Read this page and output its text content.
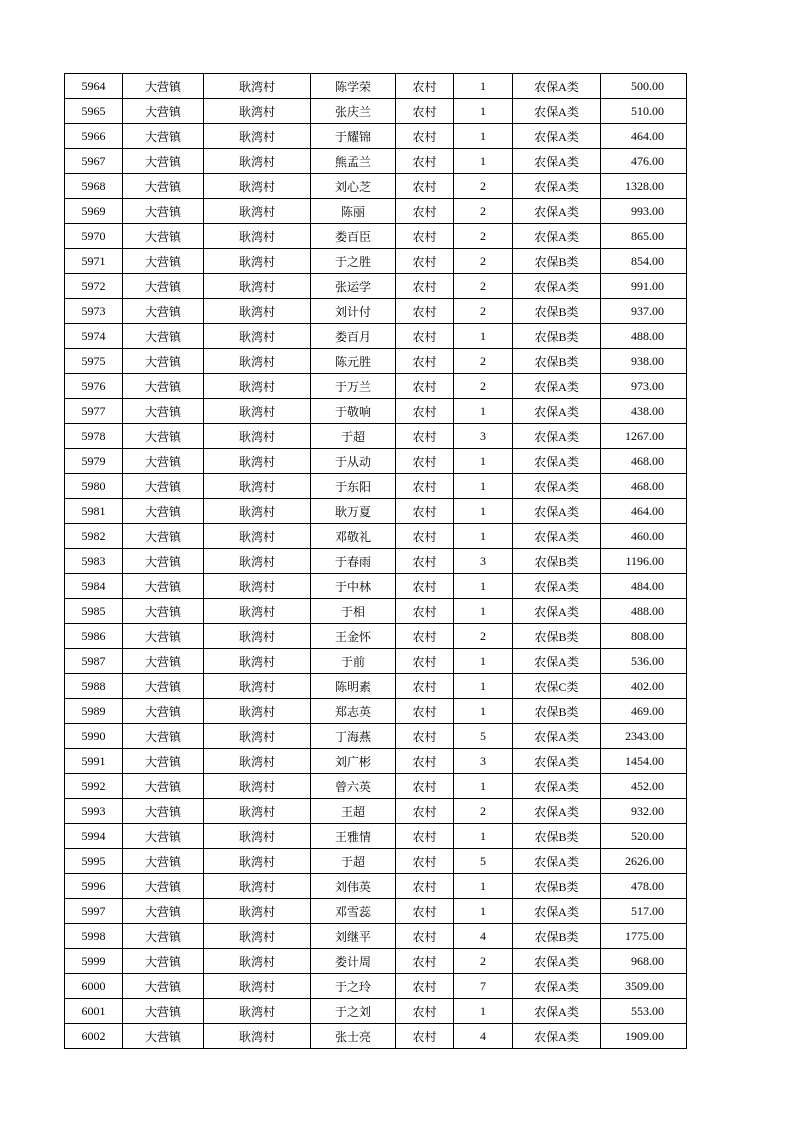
5964	大营镇	耿湾村	陈学荣	农村	1	农保A类	500.00
5965	大营镇	耿湾村	张庆兰	农村	1	农保A类	510.00
5966	大营镇	耿湾村	于耀锦	农村	1	农保A类	464.00
5967	大营镇	耿湾村	熊孟兰	农村	1	农保A类	476.00
5968	大营镇	耿湾村	刘心芝	农村	2	农保A类	1328.00
5969	大营镇	耿湾村	陈丽	农村	2	农保A类	993.00
5970	大营镇	耿湾村	娄百臣	农村	2	农保A类	865.00
5971	大营镇	耿湾村	于之胜	农村	2	农保B类	854.00
5972	大营镇	耿湾村	张运学	农村	2	农保A类	991.00
5973	大营镇	耿湾村	刘计付	农村	2	农保B类	937.00
5974	大营镇	耿湾村	娄百月	农村	1	农保B类	488.00
5975	大营镇	耿湾村	陈元胜	农村	2	农保B类	938.00
5976	大营镇	耿湾村	于万兰	农村	2	农保A类	973.00
5977	大营镇	耿湾村	于敬响	农村	1	农保A类	438.00
5978	大营镇	耿湾村	于超	农村	3	农保A类	1267.00
5979	大营镇	耿湾村	于从动	农村	1	农保A类	468.00
5980	大营镇	耿湾村	于东阳	农村	1	农保A类	468.00
5981	大营镇	耿湾村	耿万夏	农村	1	农保A类	464.00
5982	大营镇	耿湾村	邓敬礼	农村	1	农保A类	460.00
5983	大营镇	耿湾村	于春雨	农村	3	农保B类	1196.00
5984	大营镇	耿湾村	于中林	农村	1	农保A类	484.00
5985	大营镇	耿湾村	于相	农村	1	农保A类	488.00
5986	大营镇	耿湾村	王金怀	农村	2	农保B类	808.00
5987	大营镇	耿湾村	于前	农村	1	农保A类	536.00
5988	大营镇	耿湾村	陈明素	农村	1	农保C类	402.00
5989	大营镇	耿湾村	郑志英	农村	1	农保B类	469.00
5990	大营镇	耿湾村	丁海燕	农村	5	农保A类	2343.00
5991	大营镇	耿湾村	刘广彬	农村	3	农保A类	1454.00
5992	大营镇	耿湾村	曾六英	农村	1	农保A类	452.00
5993	大营镇	耿湾村	王超	农村	2	农保A类	932.00
5994	大营镇	耿湾村	王雅情	农村	1	农保B类	520.00
5995	大营镇	耿湾村	于超	农村	5	农保A类	2626.00
5996	大营镇	耿湾村	刘伟英	农村	1	农保B类	478.00
5997	大营镇	耿湾村	邓雪蕊	农村	1	农保A类	517.00
5998	大营镇	耿湾村	刘继平	农村	4	农保B类	1775.00
5999	大营镇	耿湾村	娄计周	农村	2	农保A类	968.00
6000	大营镇	耿湾村	于之玲	农村	7	农保A类	3509.00
6001	大营镇	耿湾村	于之刘	农村	1	农保A类	553.00
6002	大营镇	耿湾村	张士亮	农村	4	农保A类	1909.00
